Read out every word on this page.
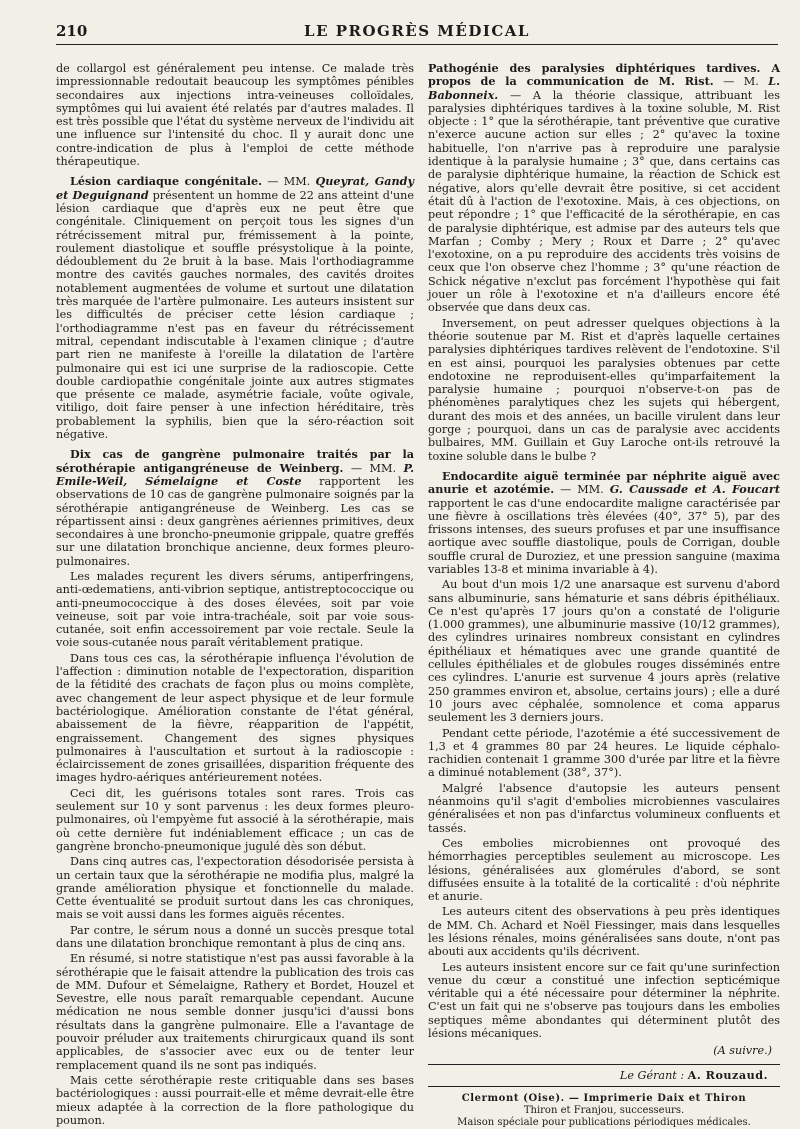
210	LE PROGRÈS MÉDICAL

de collargol est généralement peu intense. Ce malade très impressionnable redoutait beaucoup les symptômes pénibles secondaires aux injections intra-veineuses colloïdales, symptômes qui lui avaient été relatés par d'autres malades. Il est très possible que l'état du système nerveux de l'individu ait une influence sur l'intensité du choc. Il y aurait donc une contre-indication de plus à l'emploi de cette méthode thérapeutique.

Lésion cardiaque congénitale. — MM. Queyrat, Gandy et Deguignand présentent un homme de 22 ans atteint d'une lésion cardiaque que d'après eux ne peut être que congénitale. Cliniquement on perçoit tous les signes d'un rétrécissement mitral pur, frémissement à la pointe, roulement diastolique et souffle présystolique à la pointe, dédoublement du 2e bruit à la base. Mais l'orthodiagramme montre des cavités gauches normales, des cavités droites notablement augmentées de volume et surtout une dilatation très marquée de l'artère pulmonaire. Les auteurs insistent sur les difficultés de préciser cette lésion cardiaque ; l'orthodiagramme n'est pas en faveur du rétrécissement mitral, cependant indiscutable à l'examen clinique ; d'autre part rien ne manifeste à l'oreille la dilatation de l'artère pulmonaire qui est ici une surprise de la radioscopie. Cette double cardiopathie congénitale jointe aux autres stigmates que présente ce malade, asymétrie faciale, voûte ogivale, vitiligo, doit faire penser à une infection héréditaire, très probablement la syphilis, bien que la séro-réaction soit négative.

Dix cas de gangrène pulmonaire traités par la sérothérapie antigangréneuse de Weinberg. — MM. P. Emile-Weil, Sémelaigne et Coste rapportent les observations de 10 cas de gangrène pulmonaire soignés par la sérothérapie antigangréneuse de Weinberg. Les cas se répartissent ainsi : deux gangrènes aériennes primitives, deux secondaires à une broncho-pneumonie grippale, quatre greffés sur une dilatation bronchique ancienne, deux formes pleuro-pulmonaires.

Les malades reçurent les divers sérums, antiperfringens, anti-œdematiens, anti-vibrion septique, antistreptococcique ou anti-pneumococcique à des doses élevées, soit par voie veineuse, soit par voie intra-trachéale, soit par voie sous-cutanée, soit enfin accessoirement par voie rectale. Seule la voie sous-cutanée nous paraît véritablement pratique.

Dans tous ces cas, la sérothérapie influença l'évolution de l'affection : diminution notable de l'expectoration, disparition de la fétidité des crachats de façon plus ou moins complète, avec changement de leur aspect physique et de leur formule bactériologique. Amélioration constante de l'état général, abaissement de la fièvre, réapparition de l'appétit, engraissement. Changement des signes physiques pulmonaires à l'auscultation et surtout à la radioscopie : éclaircissement de zones grisaillées, disparition fréquente des images hydro-aériques antérieurement notées.

Ceci dit, les guérisons totales sont rares. Trois cas seulement sur 10 y sont parvenus : les deux formes pleuro-pulmonaires, où l'empyème fut associé à la sérothérapie, mais où cette dernière fut indéniablement efficace ; un cas de gangrène broncho-pneumonique jugulé dès son début.

Dans cinq autres cas, l'expectoration désodorisée persista à un certain taux que la sérothérapie ne modifia plus, malgré la grande amélioration physique et fonctionnelle du malade. Cette éventualité se produit surtout dans les cas chroniques, mais se voit aussi dans les formes aiguës récentes.

Par contre, le sérum nous a donné un succès presque total dans une dilatation bronchique remontant à plus de cinq ans.

En résumé, si notre statistique n'est pas aussi favorable à la sérothérapie que le faisait attendre la publication des trois cas de MM. Dufour et Sémelaigne, Rathery et Bordet, Houzel et Sevestre, elle nous paraît remarquable cependant. Aucune médication ne nous semble donner jusqu'ici d'aussi bons résultats dans la gangrène pulmonaire. Elle a l'avantage de pouvoir préluder aux traitements chirurgicaux quand ils sont applicables, de s'associer avec eux ou de tenter leur remplacement quand ils ne sont pas indiqués.

Mais cette sérothérapie reste critiquable dans ses bases bactériologiques : aussi pourrait-elle et même devrait-elle être mieux adaptée à la correction de la flore pathologique du poumon.

Pathogénie des paralysies diphtériques tardives. A propos de la communication de M. Rist. — M. L. Babonneix. — A la théorie classique, attribuant les paralysies diphtériques tardives à la toxine soluble, M. Rist objecte : 1° que la sérothérapie, tant préventive que curative n'exerce aucune action sur elles ; 2° qu'avec la toxine habituelle, l'on n'arrive pas à reproduire une paralysie identique à la paralysie humaine ; 3° que, dans certains cas de paralysie diphtérique humaine, la réaction de Schick est négative, alors qu'elle devrait être positive, si cet accident était dû à l'action de l'exotoxine. Mais, à ces objections, on peut répondre ; 1° que l'efficacité de la sérothérapie, en cas de paralysie diphtérique, est admise par des auteurs tels que Marfan ; Comby ; Mery ; Roux et Darre ; 2° qu'avec l'exotoxine, on a pu reproduire des accidents très voisins de ceux que l'on observe chez l'homme ; 3° qu'une réaction de Schick négative n'exclut pas forcément l'hypothèse qui fait jouer un rôle à l'exotoxine et n'a d'ailleurs encore été observée que dans deux cas.

Inversement, on peut adresser quelques objections à la théorie soutenue par M. Rist et d'après laquelle certaines paralysies diphtériques tardives relèvent de l'endotoxine. S'il en est ainsi, pourquoi les paralysies obtenues par cette endotoxine ne reproduisent-elles qu'imparfaitement la paralysie humaine ; pourquoi n'observe-t-on pas de phénomènes paralytiques chez les sujets qui hébergent, durant des mois et des années, un bacille virulent dans leur gorge ; pourquoi, dans un cas de paralysie avec accidents bulbaires, MM. Guillain et Guy Laroche ont-ils retrouvé la toxine soluble dans le bulbe ?

Endocardite aiguë terminée par néphrite aiguë avec anurie et azotémie. — MM. G. Caussade et A. Foucart rapportent le cas d'une endocardite maligne caractérisée par une fièvre à oscillations très élevées (40°, 37° 5), par des frissons intenses, des sueurs profuses et par une insuffisance aortique avec souffle diastolique, pouls de Corrigan, double souffle crural de Duroziez, et une pression sanguine (maxima variables 13-8 et minima invariable à 4).

Au bout d'un mois 1/2 une anarsaque est survenu d'abord sans albuminurie, sans hématurie et sans débris épithéliaux. Ce n'est qu'après 17 jours qu'on a constaté de l'oligurie (1.000 grammes), une albuminurie massive (10/12 grammes), des cylindres urinaires nombreux consistant en cylindres épithéliaux et hématiques avec une grande quantité de cellules épithéliales et de globules rouges disséminés entre ces cylindres. L'anurie est survenue 4 jours après (relative 250 grammes environ et, absolue, certains jours) ; elle a duré 10 jours avec céphalée, somnolence et coma apparus seulement les 3 derniers jours.

Pendant cette période, l'azotémie a été successivement de 1,3 et 4 grammes 80 par 24 heures. Le liquide céphalo-rachidien contenait 1 gramme 300 d'urée par litre et la fièvre a diminué notablement (38°, 37°).

Malgré l'absence d'autopsie les auteurs pensent néanmoins qu'il s'agit d'embolies microbiennes vasculaires généralisées et non pas d'infarctus volumineux confluents et tassés.

Ces embolies microbiennes ont provoqué des hémorrhagies perceptibles seulement au microscope. Les lésions, généralisées aux glomérules d'abord, se sont diffusées ensuite à la totalité de la corticalité : d'où néphrite et anurie.

Les auteurs citent des observations à peu près identiques de MM. Ch. Achard et Noël Fiessinger, mais dans lesquelles les lésions rénales, moins généralisées sans doute, n'ont pas abouti aux accidents qu'ils décrivent.

Les auteurs insistent encore sur ce fait qu'une surinfection venue du cœur a constitué une infection septicémique véritable qui a été nécessaire pour déterminer la néphrite. C'est un fait qui ne s'observe pas toujours dans les embolies septiques même abondantes qui déterminent plutôt des lésions mécaniques.

(A suivre.)
Le Gérant : A. Rouzaud.
Clermont (Oise). — Imprimerie Daix et Thiron
Thiron et Franjou, successeurs.
Maison spéciale pour publications périodiques médicales.
